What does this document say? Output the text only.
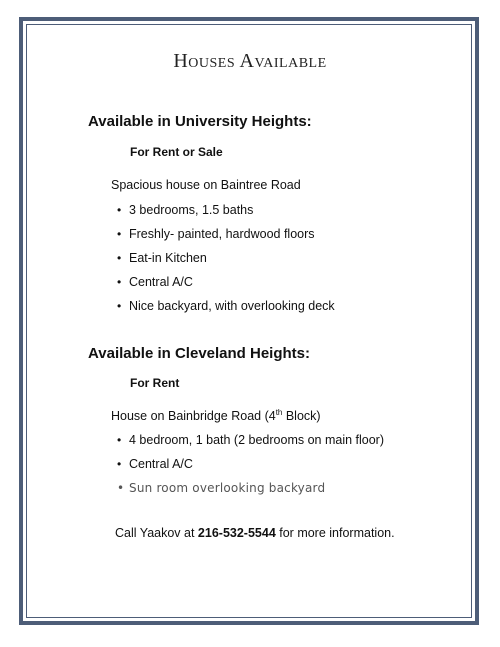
Houses Available
Available in University Heights:
For Rent or Sale
Spacious house on Baintree Road
• 3 bedrooms, 1.5 baths
• Freshly- painted, hardwood floors
• Eat-in Kitchen
• Central A/C
• Nice backyard, with overlooking deck
Available in Cleveland Heights:
For Rent
House on Bainbridge Road (4th Block)
• 4 bedroom, 1 bath (2 bedrooms on main floor)
• Central A/C
• Sun room overlooking backyard
Call Yaakov at 216-532-5544 for more information.
